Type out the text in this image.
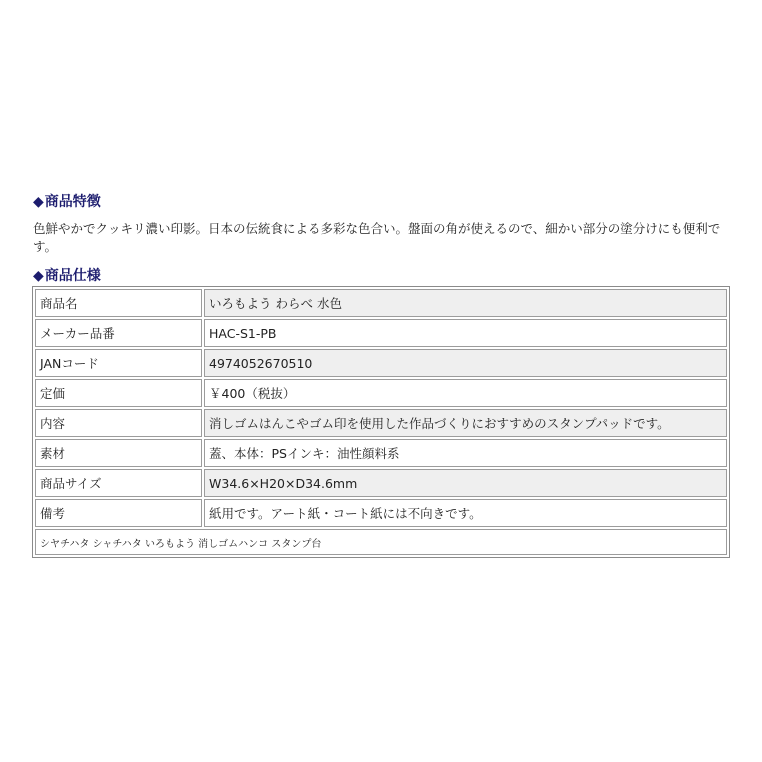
◆商品特徴
色鮮やかでクッキリ濃い印影。日本の伝統食による多彩な色合い。盤面の角が使えるので、細かい部分の塗分けにも便利です。
◆商品仕様
商品名	いろもよう わらべ 水色
メーカー品番	HAC-S1-PB
JANコード	4974052670510
定価	￥400（税抜）
内容	消しゴムはんこやゴム印を使用した作品づくりにおすすめのスタンプパッドです。
素材	蓋、本体：PSインキ：油性顔料系
商品サイズ	W34.6×H20×D34.6mm
備考	紙用です。アート紙・コート紙には不向きです。
シヤチハタ シャチハタ いろもよう 消しゴムハンコ スタンプ台	
